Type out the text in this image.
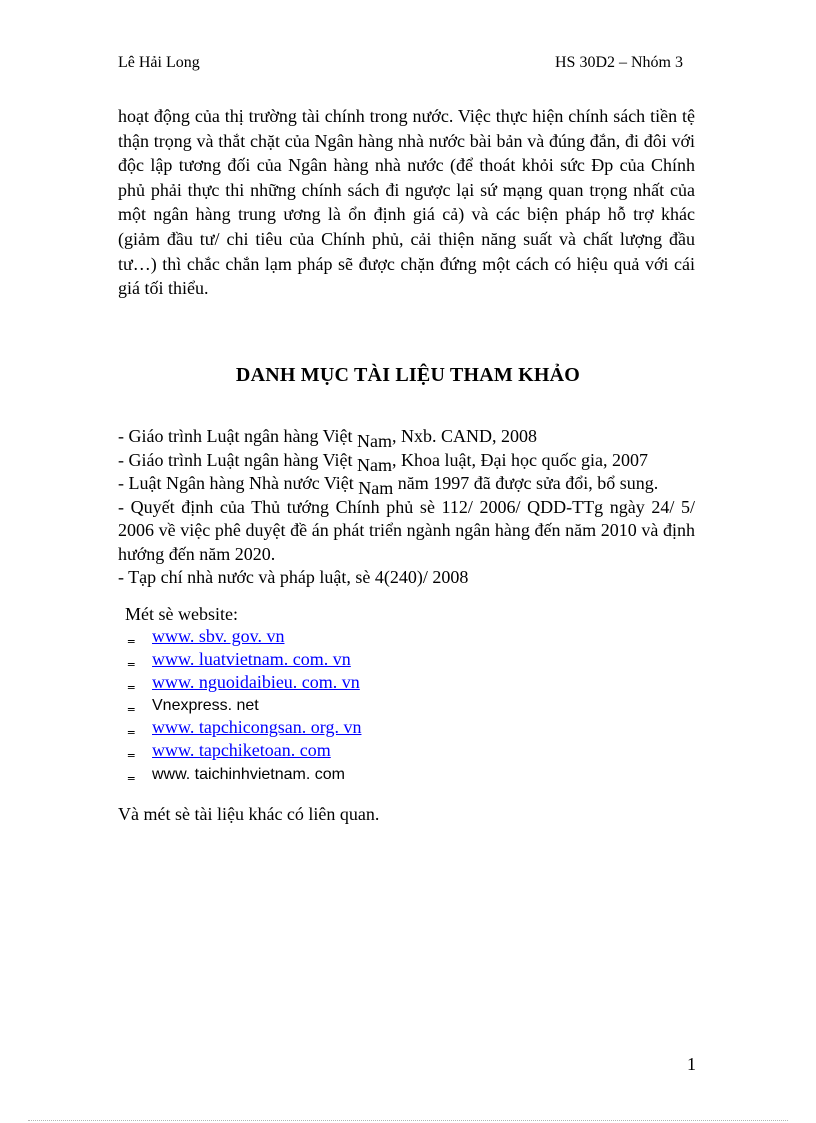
Lê Hải Long	HS 30D2 – Nhóm 3
hoạt động của thị trường tài chính trong nước. Việc thực hiện chính sách tiền tệ thận trọng và thắt chặt của Ngân hàng nhà nước bài bản và đúng đắn, đi đôi với độc lập tương đối của Ngân hàng nhà nước (để thoát khỏi sức Đp của Chính phủ phải thực thi những chính sách đi ngược lại sứ mạng quan trọng nhất của một ngân hàng trung ương là ổn định giá cả) và các biện pháp hỗ trợ khác (giảm đầu tư/ chi tiêu của Chính phủ, cải thiện năng suất và chất lượng đầu tư…) thì chắc chắn lạm pháp sẽ được chặn đứng một cách có hiệu quả với cái giá tối thiểu.
DANH MỤC TÀI LIỆU THAM KHẢO
- Giáo trình Luật ngân hàng Việt Nam, Nxb. CAND, 2008
- Giáo trình Luật ngân hàng Việt Nam, Khoa luật, Đại học quốc gia, 2007
- Luật Ngân hàng Nhà nước Việt Nam năm 1997 đã được sửa đổi, bổ sung.
- Quyết định của Thủ tướng Chính phủ sè 112/ 2006/ QDD-TTg ngày 24/ 5/ 2006 về việc phê duyệt đề án phát triển ngành ngân hàng đến năm 2010 và định hướng đến năm 2020.
- Tạp chí nhà nước và pháp luật, sè 4(240)/ 2008
Mét sè website:
‗ www. sbv. gov. vn
‗ www. luatvietnam. com. vn
‗ www. nguoidaibieu. com. vn
‗ Vnexpress. net
‗ www. tapchicongsan. org. vn
‗ www. tapchiketoan. com
‗ www. taichinhvietnam. com
Và mét sè tài liệu khác có liên quan.
1
